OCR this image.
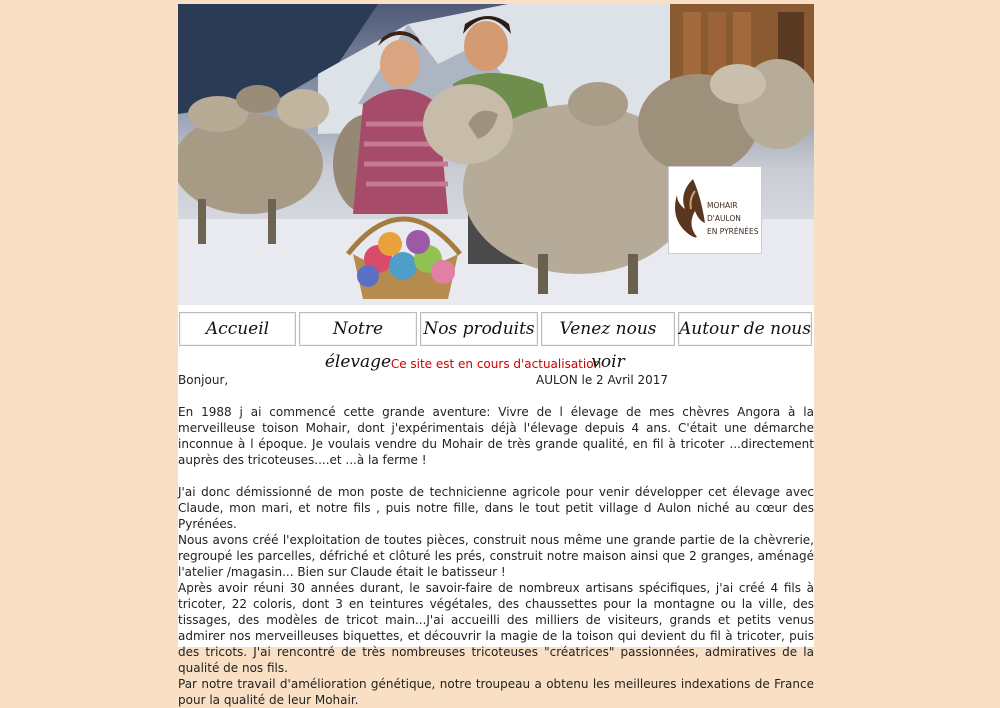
MOHAIR
D'AULON
EN PYRÉNÉES
Accueil	Notre élevage
Nos produits	Venez nous voir
Autour de nous
Ce site est en cours d'actualisation
Bonjour,	AULON le 2 Avril 2017

En 1988 j ai commencé cette grande aventure: Vivre de l élevage de mes chèvres Angora à la merveilleuse toison Mohair, dont j'expérimentais déjà l'élevage depuis 4 ans. C'était une démarche inconnue à l époque. Je voulais vendre du Mohair de très grande qualité, en fil à tricoter ...directement auprès des tricoteuses....et ...à la ferme !

J'ai donc démissionné de mon poste de technicienne agricole pour venir développer cet élevage avec Claude, mon mari, et notre fils , puis notre fille, dans le tout petit village d Aulon niché au cœur des Pyrénées.

Nous avons créé l'exploitation de toutes pièces, construit nous même une grande partie de la chèvrerie, regroupé les parcelles, défriché et clôturé les prés, construit notre maison ainsi que 2 granges, aménagé l'atelier /magasin... Bien sur Claude était le batisseur !

Après avoir réuni 30 années durant, le savoir-faire de nombreux artisans spécifiques, j'ai créé 4 fils à tricoter, 22 coloris, dont 3 en teintures végétales, des chaussettes pour la montagne ou la ville, des tissages, des modèles de tricot main...J'ai accueilli des milliers de visiteurs, grands et petits venus admirer nos merveilleuses biquettes, et découvrir la magie de la toison qui devient du fil à tricoter, puis des tricots. J'ai rencontré de très nombreuses tricoteuses "créatrices" passionnées, admiratives de la qualité de nos fils.

Par notre travail d'amélioration génétique, notre troupeau a obtenu les meilleures indexations de France pour la qualité de leur Mohair.
